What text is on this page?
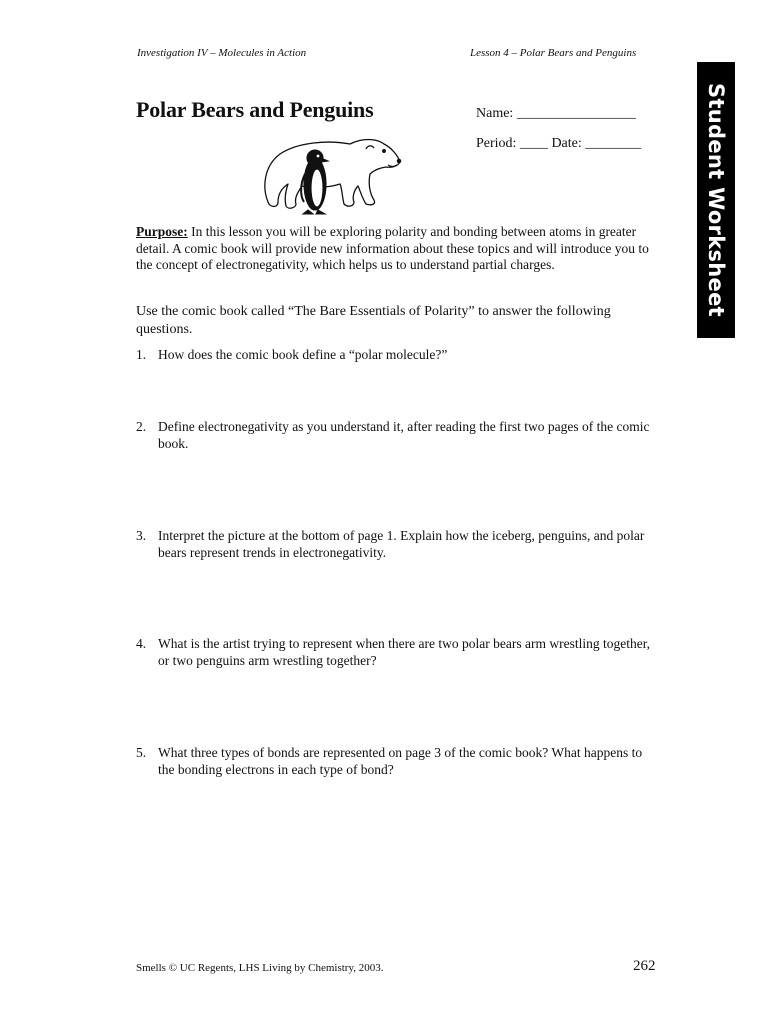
Investigation IV – Molecules in Action	Lesson 4 – Polar Bears and Penguins
Polar Bears and Penguins	Name: _________________
Period: ____ Date: ________	Student Worksheet
Purpose: In this lesson you will be exploring polarity and bonding between atoms in greater detail. A comic book will provide new information about these topics and will introduce you to the concept of electronegativity, which helps us to understand partial charges.
Use the comic book called “The Bare Essentials of Polarity” to answer the following questions.
1. How does the comic book define a “polar molecule?”
2. Define electronegativity as you understand it, after reading the first two pages of the comic book.
3. Interpret the picture at the bottom of page 1. Explain how the iceberg, penguins, and polar bears represent trends in electronegativity.
4. What is the artist trying to represent when there are two polar bears arm wrestling together, or two penguins arm wrestling together?
5. What three types of bonds are represented on page 3 of the comic book? What happens to the bonding electrons in each type of bond?
Smells © UC Regents, LHS Living by Chemistry, 2003.	262
